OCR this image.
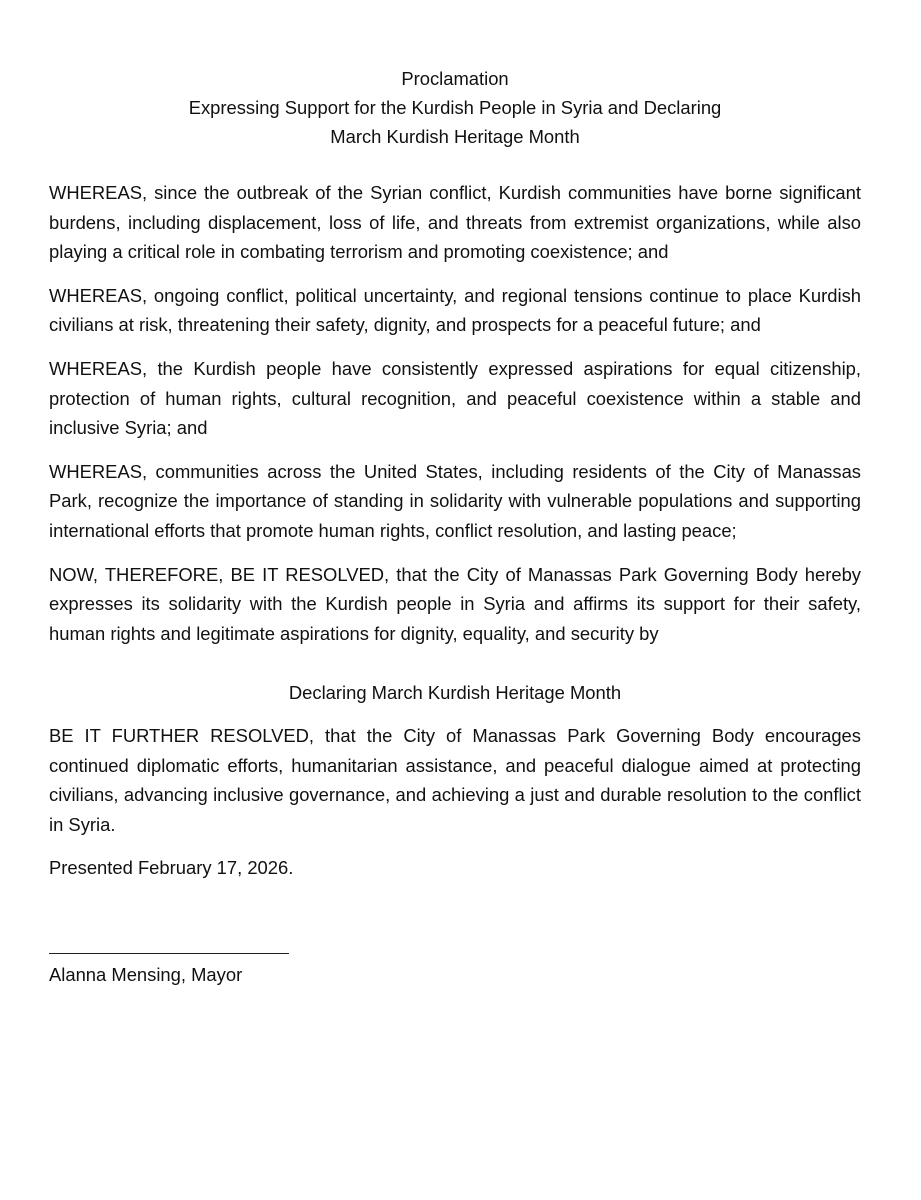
Proclamation
Expressing Support for the Kurdish People in Syria and Declaring
March Kurdish Heritage Month

WHEREAS, since the outbreak of the Syrian conflict, Kurdish communities have borne significant burdens, including displacement, loss of life, and threats from extremist organizations, while also playing a critical role in combating terrorism and promoting coexistence; and

WHEREAS, ongoing conflict, political uncertainty, and regional tensions continue to place Kurdish civilians at risk, threatening their safety, dignity, and prospects for a peaceful future; and

WHEREAS, the Kurdish people have consistently expressed aspirations for equal citizenship, protection of human rights, cultural recognition, and peaceful coexistence within a stable and inclusive Syria; and

WHEREAS, communities across the United States, including residents of the City of Manassas Park, recognize the importance of standing in solidarity with vulnerable populations and supporting international efforts that promote human rights, conflict resolution, and lasting peace;

NOW, THEREFORE, BE IT RESOLVED, that the City of Manassas Park Governing Body hereby expresses its solidarity with the Kurdish people in Syria and affirms its support for their safety, human rights and legitimate aspirations for dignity, equality, and security by

Declaring March Kurdish Heritage Month

BE IT FURTHER RESOLVED, that the City of Manassas Park Governing Body encourages continued diplomatic efforts, humanitarian assistance, and peaceful dialogue aimed at protecting civilians, advancing inclusive governance, and achieving a just and durable resolution to the conflict in Syria.

Presented February 17, 2026.

Alanna Mensing, Mayor
